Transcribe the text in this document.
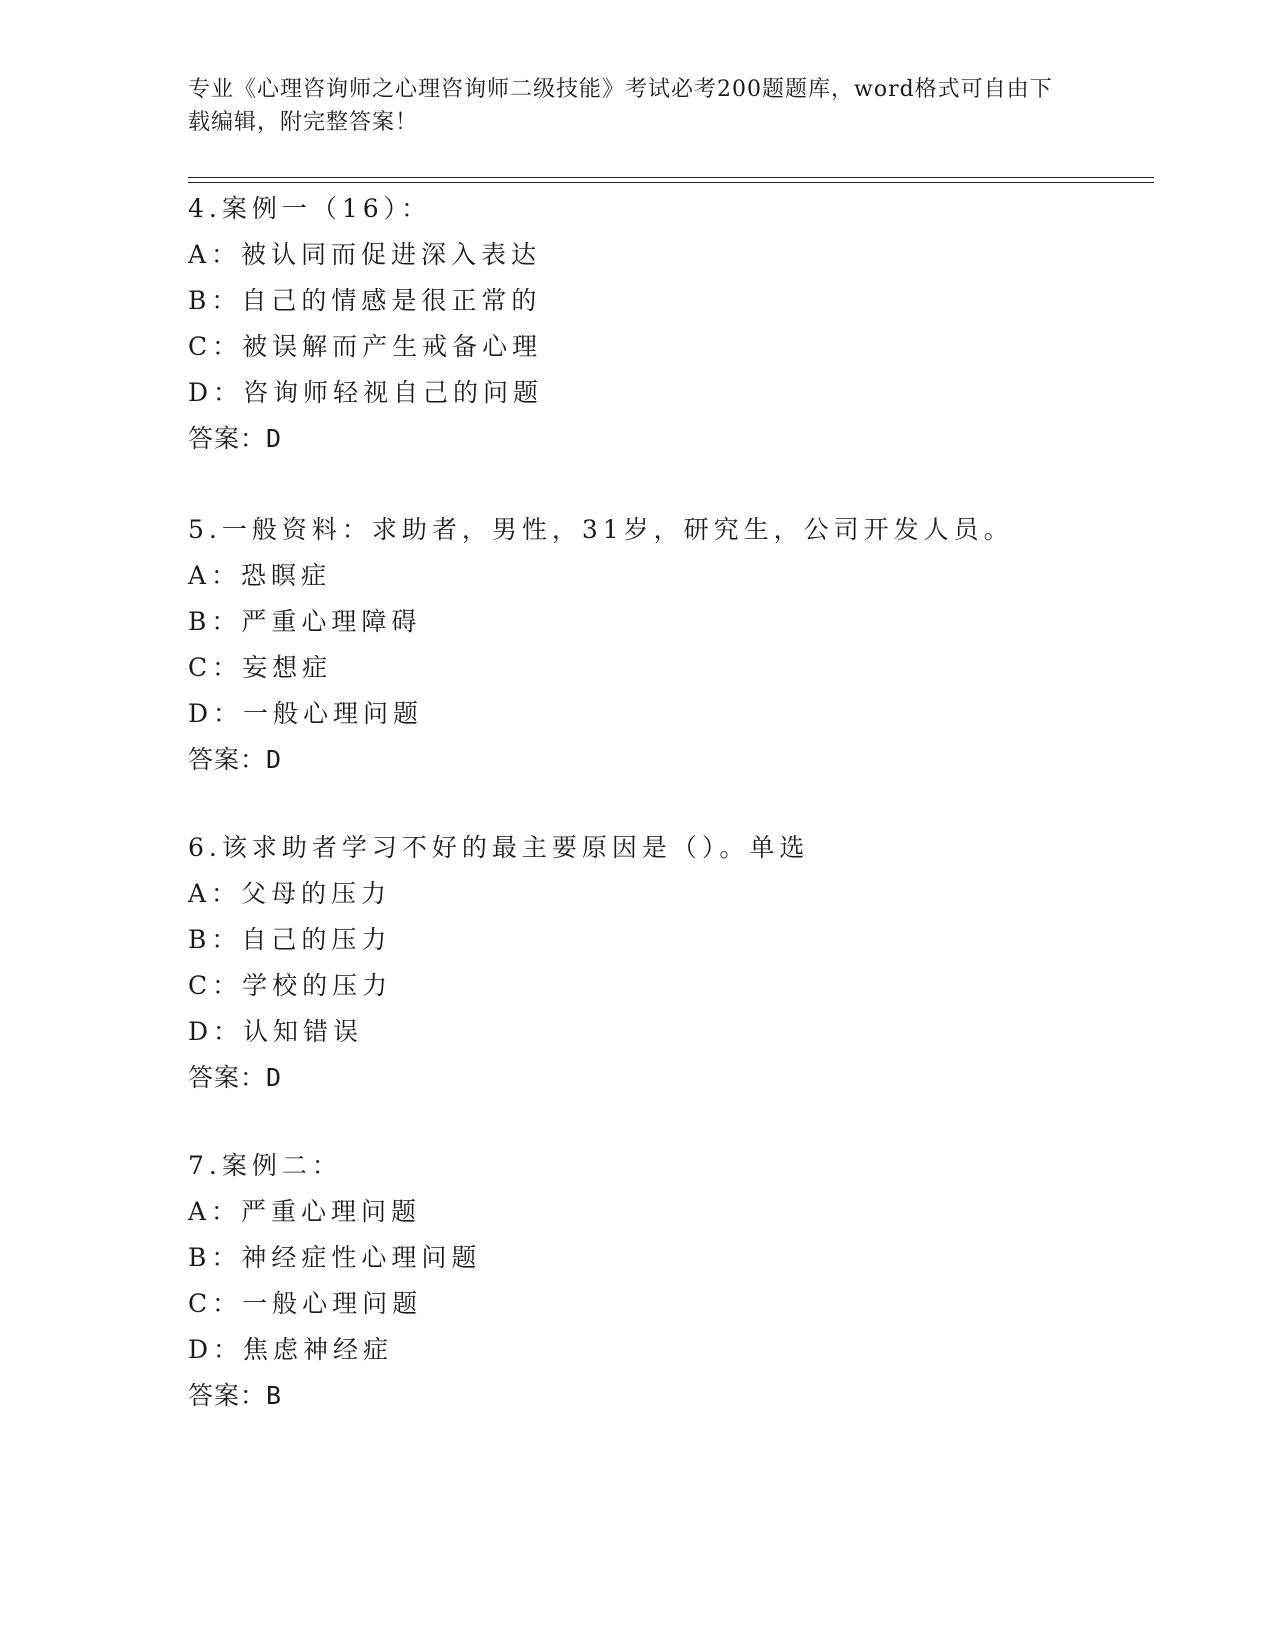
专业《心理咨询师之心理咨询师二级技能》考试必考200题题库，word格式可自由下载编辑，附完整答案！
4.案例一（16）：
A：被认同而促进深入表达
B：自己的情感是很正常的
C：被误解而产生戒备心理
D：咨询师轻视自己的问题
答案：D
5.一般资料：求助者，男性，31岁，研究生，公司开发人员。
A：恐瞑症
B：严重心理障碍
C：妄想症
D：一般心理问题
答案：D
6.该求助者学习不好的最主要原因是（）。单选
A：父母的压力
B：自己的压力
C：学校的压力
D：认知错误
答案：D
7.案例二：
A：严重心理问题
B：神经症性心理问题
C：一般心理问题
D：焦虑神经症
答案：B
